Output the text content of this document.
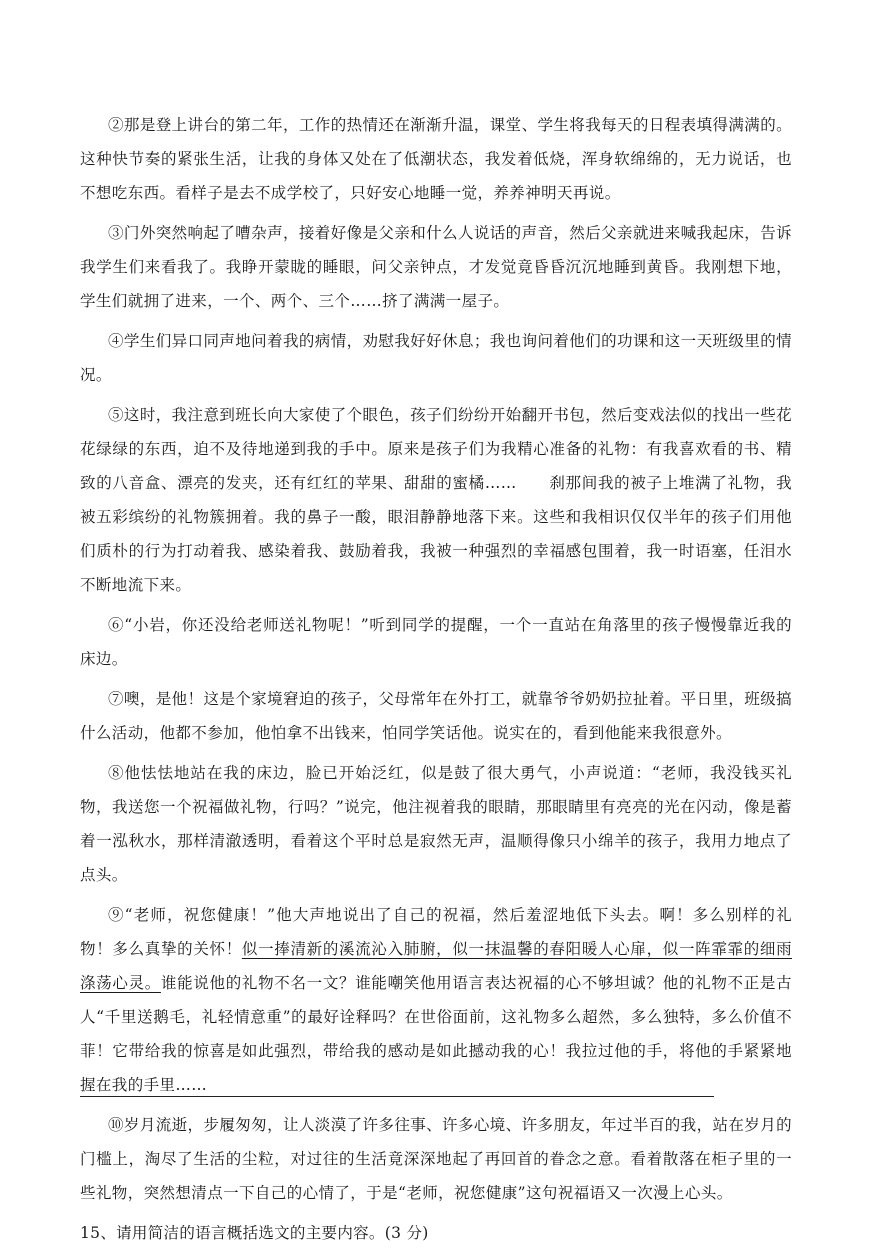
②那是登上讲台的第二年，工作的热情还在渐渐升温，课堂、学生将我每天的日程表填得满满的。这种快节奏的紧张生活，让我的身体又处在了低潮状态，我发着低烧，浑身软绵绵的，无力说话，也不想吃东西。看样子是去不成学校了，只好安心地睡一觉，养养神明天再说。

③门外突然响起了嘈杂声，接着好像是父亲和什么人说话的声音，然后父亲就进来喊我起床，告诉我学生们来看我了。我睁开蒙眬的睡眼，问父亲钟点，才发觉竟昏昏沉沉地睡到黄昏。我刚想下地，学生们就拥了进来，一个、两个、三个……挤了满满一屋子。

④学生们异口同声地问着我的病情，劝慰我好好休息；我也询问着他们的功课和这一天班级里的情况。

⑤这时，我注意到班长向大家使了个眼色，孩子们纷纷开始翻开书包，然后变戏法似的找出一些花花绿绿的东西，迫不及待地递到我的手中。原来是孩子们为我精心准备的礼物：有我喜欢看的书、精致的八音盒、漂亮的发夹，还有红红的苹果、甜甜的蜜橘……　　刹那间我的被子上堆满了礼物，我被五彩缤纷的礼物簇拥着。我的鼻子一酸，眼泪静静地落下来。这些和我相识仅仅半年的孩子们用他们质朴的行为打动着我、感染着我、鼓励着我，我被一种强烈的幸福感包围着，我一时语塞，任泪水不断地流下来。

⑥“小岩，你还没给老师送礼物呢！”听到同学的提醒，一个一直站在角落里的孩子慢慢靠近我的床边。

⑦噢，是他！这是个家境窘迫的孩子，父母常年在外打工，就靠爷爷奶奶拉扯着。平日里，班级搞什么活动，他都不参加，他怕拿不出钱来，怕同学笑话他。说实在的，看到他能来我很意外。

⑧他怯怯地站在我的床边，脸已开始泛红，似是鼓了很大勇气，小声说道：“老师，我没钱买礼物，我送您一个祝福做礼物，行吗？”说完，他注视着我的眼睛，那眼睛里有亮亮的光在闪动，像是蓄着一泓秋水，那样清澈透明，看着这个平时总是寂然无声，温顺得像只小绵羊的孩子，我用力地点了点头。

⑨“老师，祝您健康！”他大声地说出了自己的祝福，然后羞涩地低下头去。啊！多么别样的礼物！多么真挚的关怀！似一捧清新的溪流沁入肺腑，似一抹温馨的春阳暖人心扉，似一阵霏霏的细雨涤荡心灵。谁能说他的礼物不名一文？谁能嘲笑他用语言表达祝福的心不够坦诚？他的礼物不正是古人“千里送鹅毛，礼轻情意重”的最好诠释吗？在世俗面前，这礼物多么超然，多么独特，多么价值不菲！它带给我的惊喜是如此强烈，带给我的感动是如此撼动我的心！我拉过他的手，将他的手紧紧地握在我的手里……

⑩岁月流逝，步履匆匆，让人淡漠了许多往事、许多心境、许多朋友，年过半百的我，站在岁月的门槛上，淘尽了生活的尘粒，对过往的生活竟深深地起了再回首的眷念之意。看着散落在柜子里的一些礼物，突然想清点一下自己的心情了，于是“老师，祝您健康”这句祝福语又一次漫上心头。

15、请用简洁的语言概括选文的主要内容。(3 分)
